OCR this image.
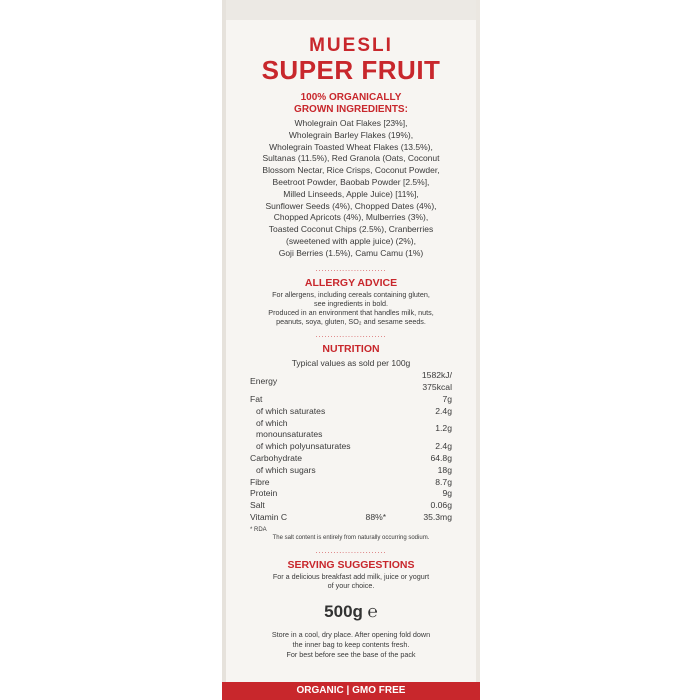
MUESLI
SUPER FRUIT
100% ORGANICALLY
GROWN INGREDIENTS:
Wholegrain Oat Flakes [23%],
Wholegrain Barley Flakes (19%),
Wholegrain Toasted Wheat Flakes (13.5%),
Sultanas (11.5%), Red Granola (Oats, Coconut
Blossom Nectar, Rice Crisps, Coconut Powder,
Beetroot Powder, Baobab Powder [2.5%],
Milled Linseeds, Apple Juice) [11%],
Sunflower Seeds (4%), Chopped Dates (4%),
Chopped Apricots (4%), Mulberries (3%),
Toasted Coconut Chips (2.5%), Cranberries
(sweetened with apple juice) (2%),
Goji Berries (1.5%), Camu Camu (1%)
........................
ALLERGY ADVICE
For allergens, including cereals containing gluten,
see ingredients in bold.
Produced in an environment that handles milk, nuts,
peanuts, soya, gluten, SO₂ and sesame seeds.
........................
NUTRITION
Typical values as sold per 100g
Energy		1582kJ/ 375kcal
Fat		7g
of which saturates		2.4g
of which monounsaturates		1.2g
of which polyunsaturates		2.4g
Carbohydrate		64.8g
of which sugars		18g
Fibre		8.7g
Protein		9g
Salt		0.06g
Vitamin C	88%*	35.3mg
* RDA
The salt content is entirely from naturally occurring sodium.
........................
SERVING SUGGESTIONS
For a delicious breakfast add milk, juice or yogurt
of your choice.
500g ℮
Store in a cool, dry place. After opening fold down
the inner bag to keep contents fresh.
For best before see the base of the pack
ORGANIC | GMO FREE
